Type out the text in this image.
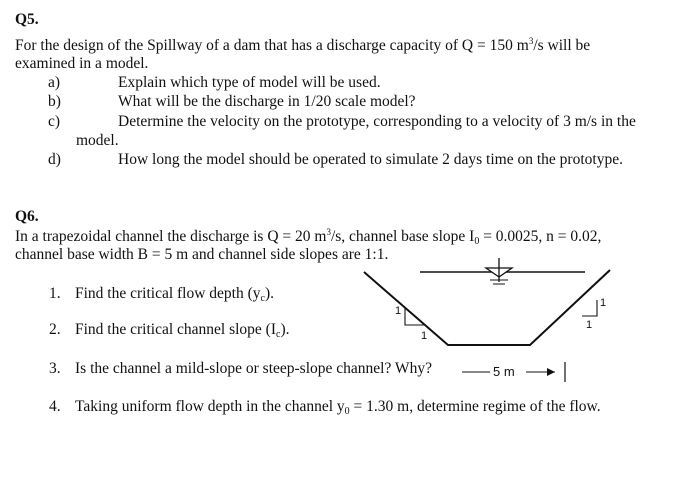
Q5.
For the design of the Spillway of a dam that has a discharge capacity of Q = 150 $m^3/s$ will be
examined in a model.
a)	Explain which type of model will be used.
b)	What will be the discharge in 1/20 scale model?
c)	Determine the velocity on the prototype, corresponding to a velocity of 3 m/s in the
model.
d)	How long the model should be operated to simulate 2 days time on the prototype.
Q6.
In a trapezoidal channel the discharge is Q = 20 $m^3/s$, channel base slope $I_0 = 0.0025$, n = 0.02,
channel base width B = 5 m and channel side slopes are 1:1.
1. Find the critical flow depth $(y_c)$.
2. Find the critical channel slope $(I_c)$.
3. Is the channel a mild-slope or steep-slope channel? Why?
4. Taking uniform flow depth in the channel $y_0 = 1.30$ m, determine regime of the flow.
1
1
1
1
5 m
